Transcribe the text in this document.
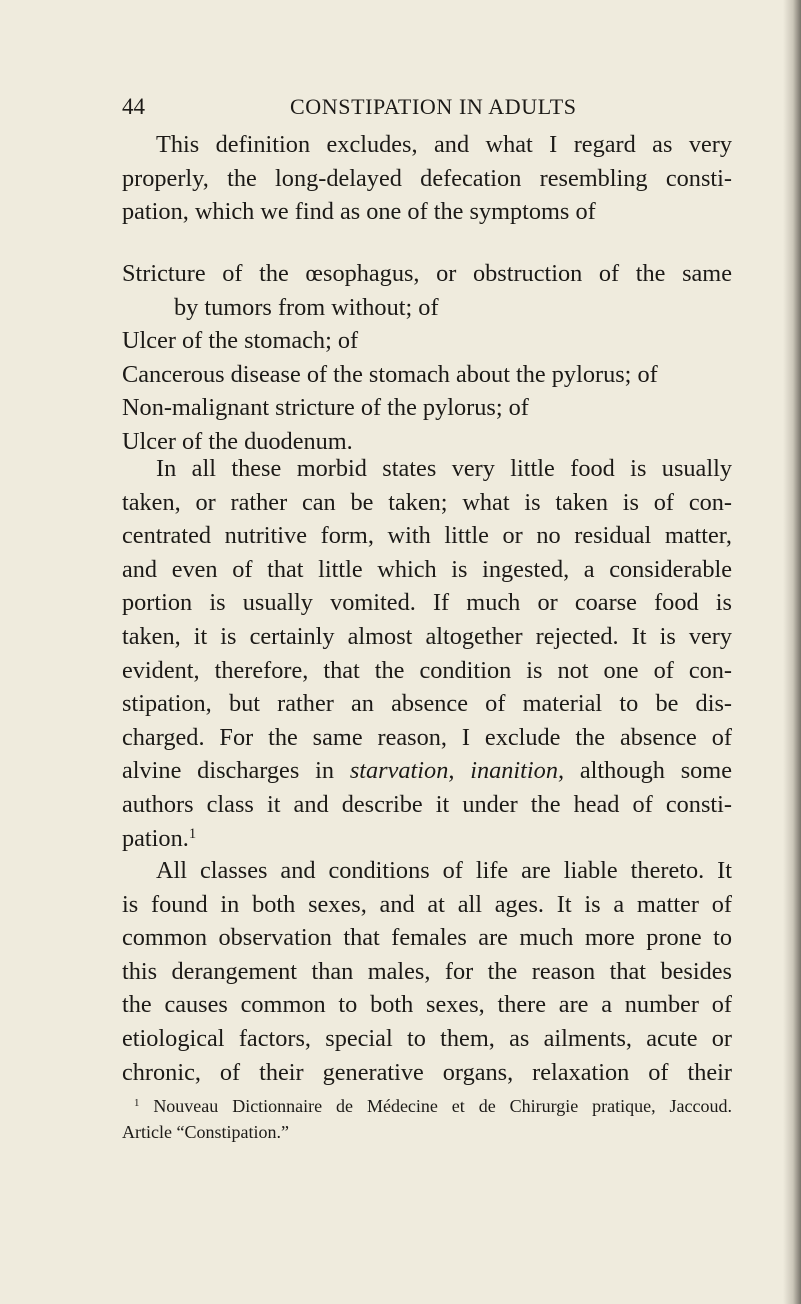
44	CONSTIPATION IN ADULTS
This definition excludes, and what I regard as very
properly, the long-delayed defecation resembling consti-
pation, which we find as one of the symptoms of
Stricture of the œsophagus, or obstruction of the same
by tumors from without; of
Ulcer of the stomach; of
Cancerous disease of the stomach about the pylorus; of
Non-malignant stricture of the pylorus; of
Ulcer of the duodenum.
In all these morbid states very little food is usually
taken, or rather can be taken; what is taken is of con-
centrated nutritive form, with little or no residual matter,
and even of that little which is ingested, a considerable
portion is usually vomited. If much or coarse food is
taken, it is certainly almost altogether rejected. It is very
evident, therefore, that the condition is not one of con-
stipation, but rather an absence of material to be dis-
charged. For the same reason, I exclude the absence of
alvine discharges in starvation, inanition, although some
authors class it and describe it under the head of consti-
pation.$^1$
All classes and conditions of life are liable thereto. It
is found in both sexes, and at all ages. It is a matter of
common observation that females are much more prone to
this derangement than males, for the reason that besides
the causes common to both sexes, there are a number of
etiological factors, special to them, as ailments, acute or
chronic, of their generative organs, relaxation of their
$^1$ Nouveau Dictionnaire de Médecine et de Chirurgie pratique, Jaccoud.
Article “Constipation.”
